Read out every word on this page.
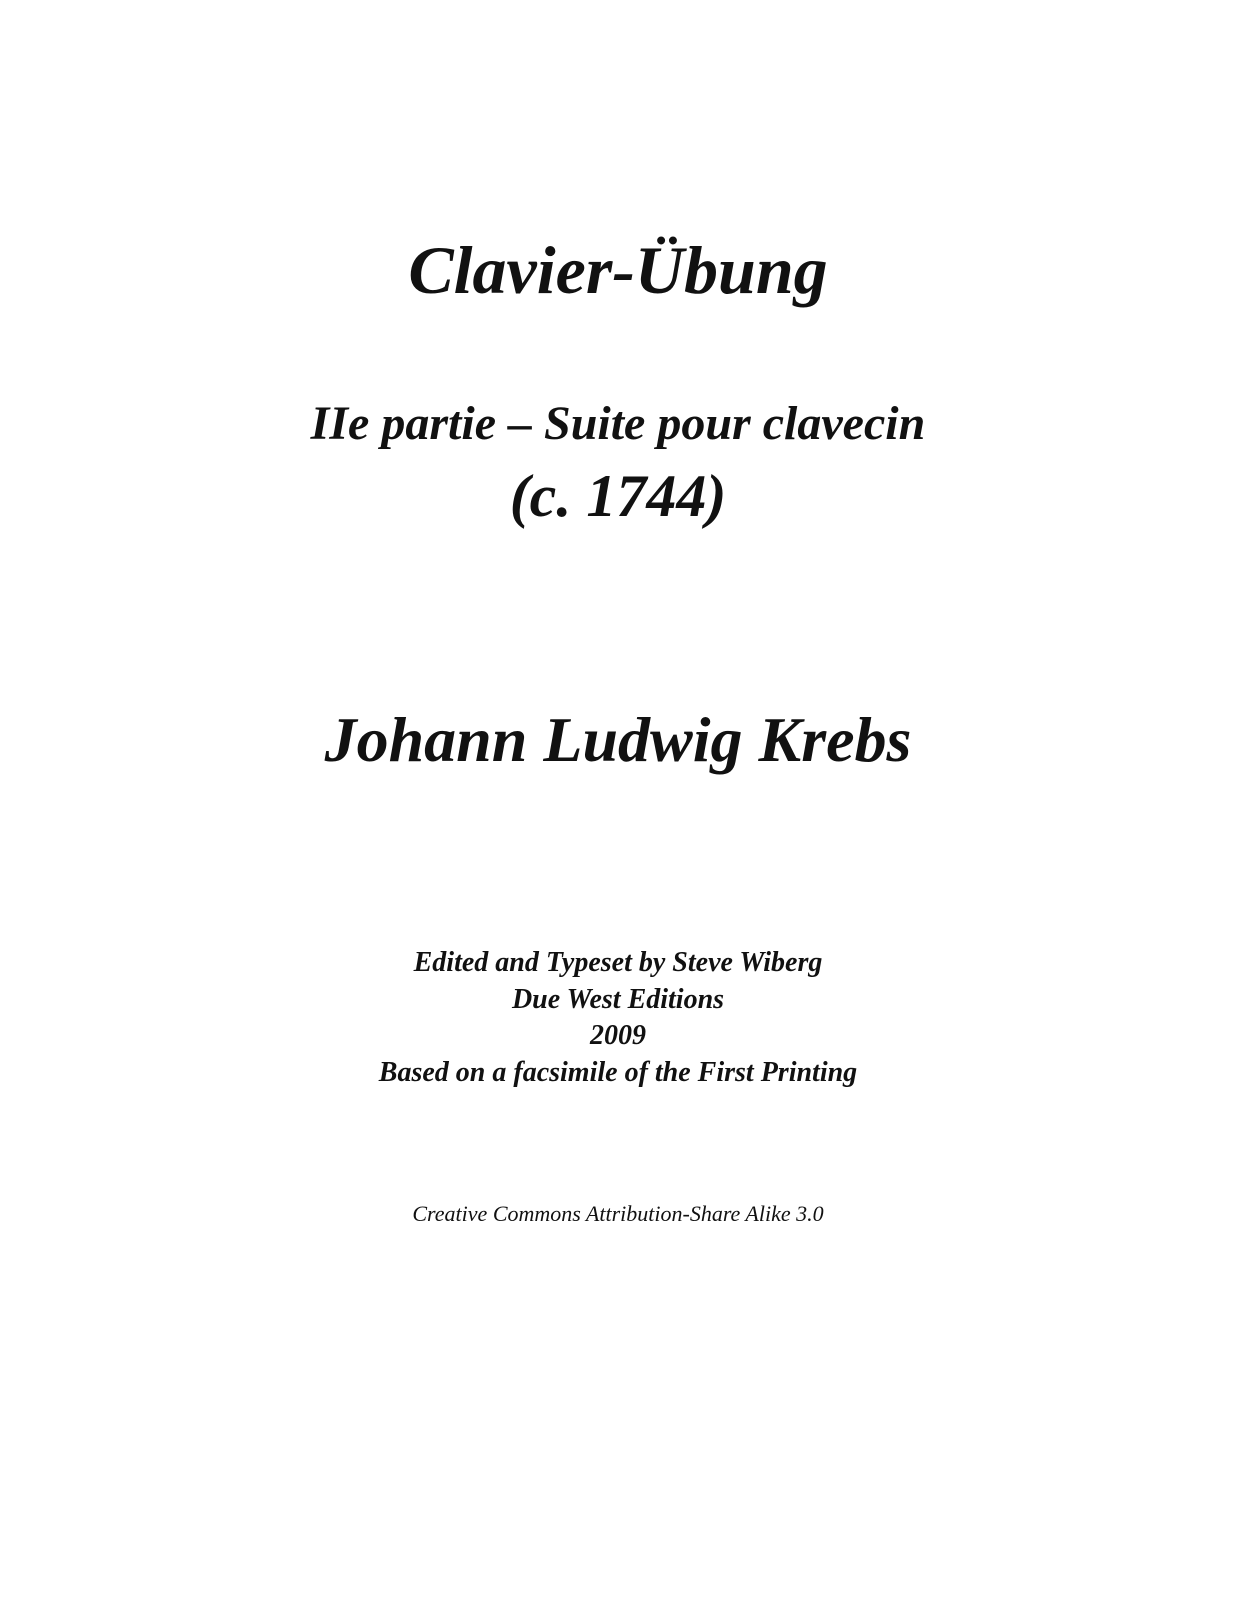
Clavier-Übung
IIe partie – Suite pour clavecin
(c. 1744)
Johann Ludwig Krebs
Edited and Typeset by Steve Wiberg
Due West Editions
2009
Based on a facsimile of the First Printing
Creative Commons Attribution-Share Alike 3.0
